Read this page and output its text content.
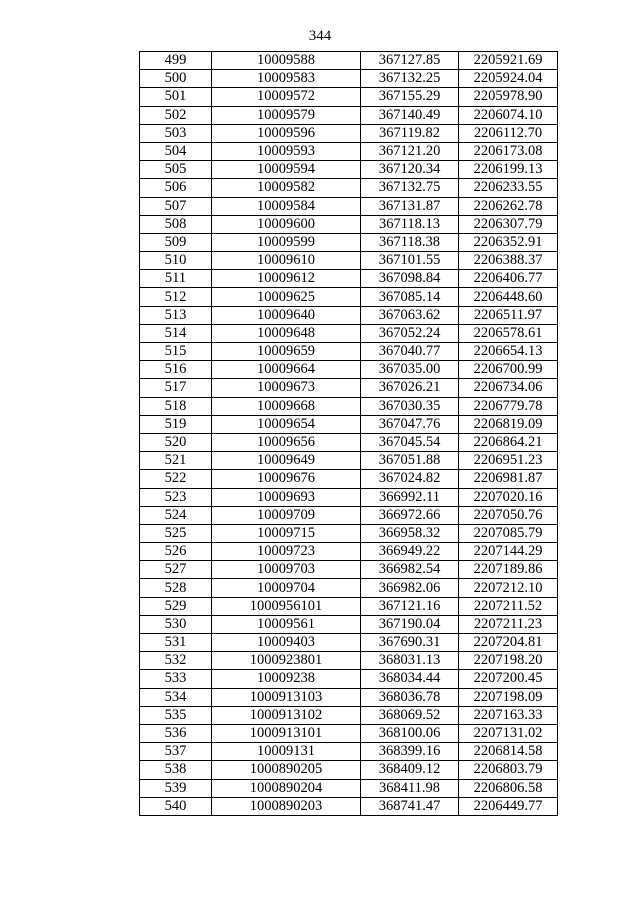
344
499	10009588	367127.85	2205921.69
500	10009583	367132.25	2205924.04
501	10009572	367155.29	2205978.90
502	10009579	367140.49	2206074.10
503	10009596	367119.82	2206112.70
504	10009593	367121.20	2206173.08
505	10009594	367120.34	2206199.13
506	10009582	367132.75	2206233.55
507	10009584	367131.87	2206262.78
508	10009600	367118.13	2206307.79
509	10009599	367118.38	2206352.91
510	10009610	367101.55	2206388.37
511	10009612	367098.84	2206406.77
512	10009625	367085.14	2206448.60
513	10009640	367063.62	2206511.97
514	10009648	367052.24	2206578.61
515	10009659	367040.77	2206654.13
516	10009664	367035.00	2206700.99
517	10009673	367026.21	2206734.06
518	10009668	367030.35	2206779.78
519	10009654	367047.76	2206819.09
520	10009656	367045.54	2206864.21
521	10009649	367051.88	2206951.23
522	10009676	367024.82	2206981.87
523	10009693	366992.11	2207020.16
524	10009709	366972.66	2207050.76
525	10009715	366958.32	2207085.79
526	10009723	366949.22	2207144.29
527	10009703	366982.54	2207189.86
528	10009704	366982.06	2207212.10
529	1000956101	367121.16	2207211.52
530	10009561	367190.04	2207211.23
531	10009403	367690.31	2207204.81
532	1000923801	368031.13	2207198.20
533	10009238	368034.44	2207200.45
534	1000913103	368036.78	2207198.09
535	1000913102	368069.52	2207163.33
536	1000913101	368100.06	2207131.02
537	10009131	368399.16	2206814.58
538	1000890205	368409.12	2206803.79
539	1000890204	368411.98	2206806.58
540	1000890203	368741.47	2206449.77
